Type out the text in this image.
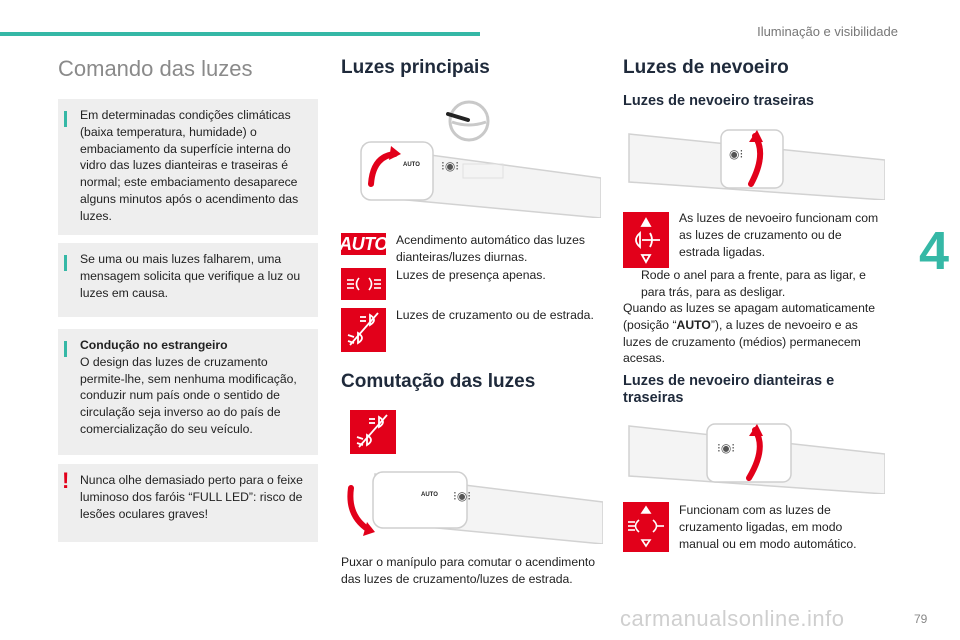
Iluminação e visibilidade
4
79
Comando das luzes
Em determinadas condições climáticas (baixa temperatura, humidade) o embaciamento da superfície interna do vidro das luzes dianteiras e traseiras é normal; este embaciamento desaparece alguns minutos após o acendimento das luzes.
Se uma ou mais luzes falharem, uma mensagem solicita que verifique a luz ou luzes em causa.
Condução no estrangeiro
O design das luzes de cruzamento permite-lhe, sem nenhuma modificação, conduzir num país onde o sentido de circulação seja inverso ao do país de comercialização do seu veículo.
! Nunca olhe demasiado perto para o feixe luminoso dos faróis “FULL LED”: risco de lesões oculares graves!
Luzes principais
AUTO ⁝◉⁝
AUTO Acendimento automático das luzes dianteiras/luzes diurnas.
Luzes de presença apenas.
Luzes de cruzamento ou de estrada.
Comutação das luzes
AUTO ⁝◉⁝
Puxar o manípulo para comutar o acendimento das luzes de cruzamento/luzes de estrada.
Luzes de nevoeiro
Luzes de nevoeiro traseiras
◉⁝
As luzes de nevoeiro funcionam com as luzes de cruzamento ou de estrada ligadas.
Rode o anel para a frente, para as ligar, e para trás, para as desligar.
Quando as luzes se apagam automaticamente (posição “AUTO”), a luzes de nevoeiro e as luzes de cruzamento (médios) permanecem acesas.
Luzes de nevoeiro dianteiras e traseiras
⁝◉⁝
Funcionam com as luzes de cruzamento ligadas, em modo manual ou em modo automático.
carmanualsonline.info
